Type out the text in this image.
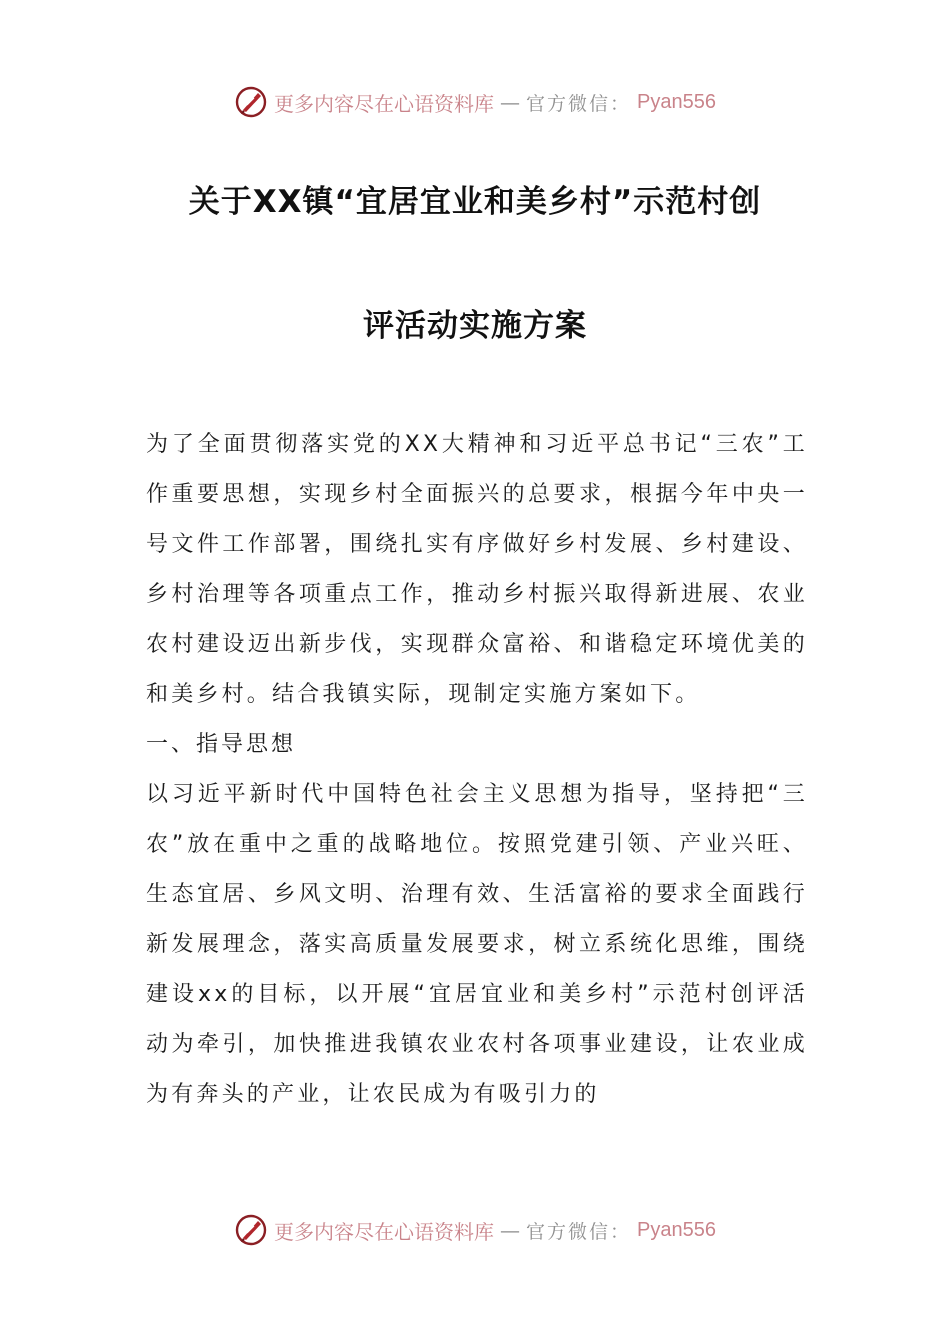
更多内容尽在心语资料库 — 官方微信： Pyan556
关于XX镇“宜居宜业和美乡村”示范村创
评活动实施方案

为了全面贯彻落实党的XX大精神和习近平总书记“三农”工作重要思想，实现乡村全面振兴的总要求，根据今年中央一号文件工作部署，围绕扎实有序做好乡村发展、乡村建设、乡村治理等各项重点工作，推动乡村振兴取得新进展、农业农村建设迈出新步伐，实现群众富裕、和谐稳定环境优美的和美乡村。结合我镇实际，现制定实施方案如下。

一、指导思想

以习近平新时代中国特色社会主义思想为指导，坚持把“三农”放在重中之重的战略地位。按照党建引领、产业兴旺、生态宜居、乡风文明、治理有效、生活富裕的要求全面践行新发展理念，落实高质量发展要求，树立系统化思维，围绕建设xx的目标，以开展“宜居宜业和美乡村”示范村创评活动为牵引，加快推进我镇农业农村各项事业建设，让农业成为有奔头的产业，让农民成为有吸引力的

更多内容尽在心语资料库 — 官方微信： Pyan556
